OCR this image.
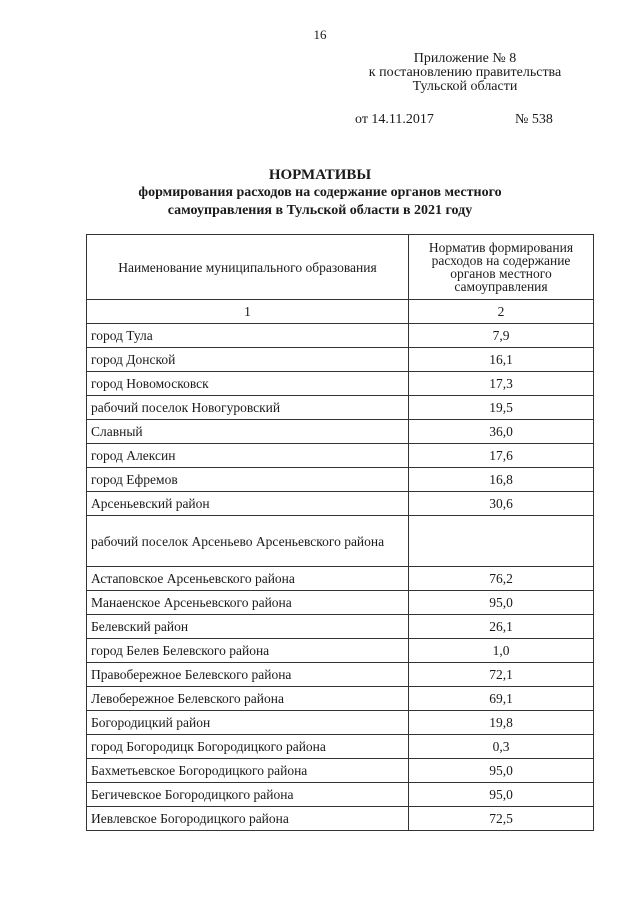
16
Приложение № 8
к постановлению правительства
Тульской области
от 14.11.2017	№ 538
НОРМАТИВЫ
формирования расходов на содержание органов местного самоуправления в Тульской области в 2021 году
Наименование муниципального образования	Норматив формирования расходов на содержание органов местного самоуправления
1	2
город Тула	7,9
город Донской	16,1
город Новомосковск	17,3
рабочий поселок Новогуровский	19,5
Славный	36,0
город Алексин	17,6
город Ефремов	16,8
Арсеньевский район	30,6
рабочий поселок Арсеньево Арсеньевского района	
Астаповское Арсеньевского района	76,2
Манаенское Арсеньевского района	95,0
Белевский район	26,1
город Белев Белевского района	1,0
Правобережное Белевского района	72,1
Левобережное Белевского района	69,1
Богородицкий район	19,8
город Богородицк Богородицкого района	0,3
Бахметьевское Богородицкого района	95,0
Бегичевское Богородицкого района	95,0
Иевлевское Богородицкого района	72,5
